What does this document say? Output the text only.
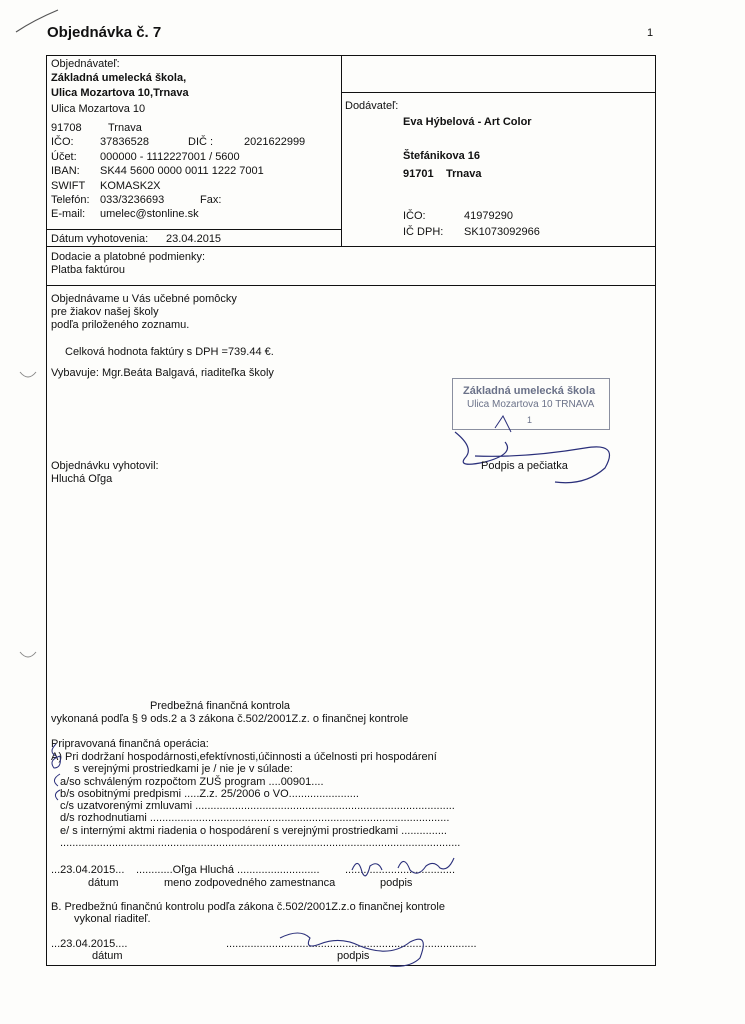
Objednávka č. 7	1
Objednávateľ:
Základná umelecká škola,
Ulica Mozartova 10,Trnava
Ulica Mozartova 10
91708 Trnava
IČO: 37836528	DIČ :	2021622999
Účet: 000000 - 1112227001 / 5600
IBAN: SK44 5600 0000 0011 1222 7001
SWIFT KOMASK2X
Telefón: 033/3236693	Fax:
E-mail: umelec@stonline.sk
Dátum vyhotovenia: 23.04.2015
Dodávateľ:
Eva Hýbelová - Art Color
Štefánikova 16
91701 Trnava
IČO:	41979290
IČ DPH: SK1073092966
Dodacie a platobné podmienky:
Platba faktúrou
Objednávame u Vás učebné pomôcky
pre žiakov našej školy
podľa priloženého zoznamu.
Celková hodnota faktúry s DPH =739.44 €.
Vybavuje: Mgr.Beáta Balgavá, riaditeľka školy
Základná umelecká škola
Ulica Mozartova 10 TRNAVA
1
Objednávku vyhotovil:
Hluchá Oľga
Podpis a pečiatka
Predbežná finančná kontrola
vykonaná podľa § 9 ods.2 a 3 zákona č.502/2001Z.z. o finančnej kontrole
Pripravovaná finančná operácia:
A) Pri dodržaní hospodárnosti,efektívnosti,účinnosti a účelnosti pri hospodárení
s verejnými prostriedkami je / nie je v súlade:
a/so schváleným rozpočtom ZUŠ program ....00901....
b/s osobitnými predpismi .....Z.z. 25/2006 o VO.......................
c/s uzatvorenými zmluvami .....................................................................................
d/s rozhodnutiami ..................................................................................................
e/ s internými aktmi riadenia o hospodárení s verejnými prostriedkami ...............
...................................................................................................................................
...23.04.2015... ............Oľga Hluchá ........................... ....................................
dátum	meno zodpovedného zamestnanca	podpis
B. Predbežnú finančnú kontrolu podľa zákona č.502/2001Z.z.o finančnej kontrole
vykonal riaditeľ.
...23.04.2015....	..................................................................................
dátum	podpis
